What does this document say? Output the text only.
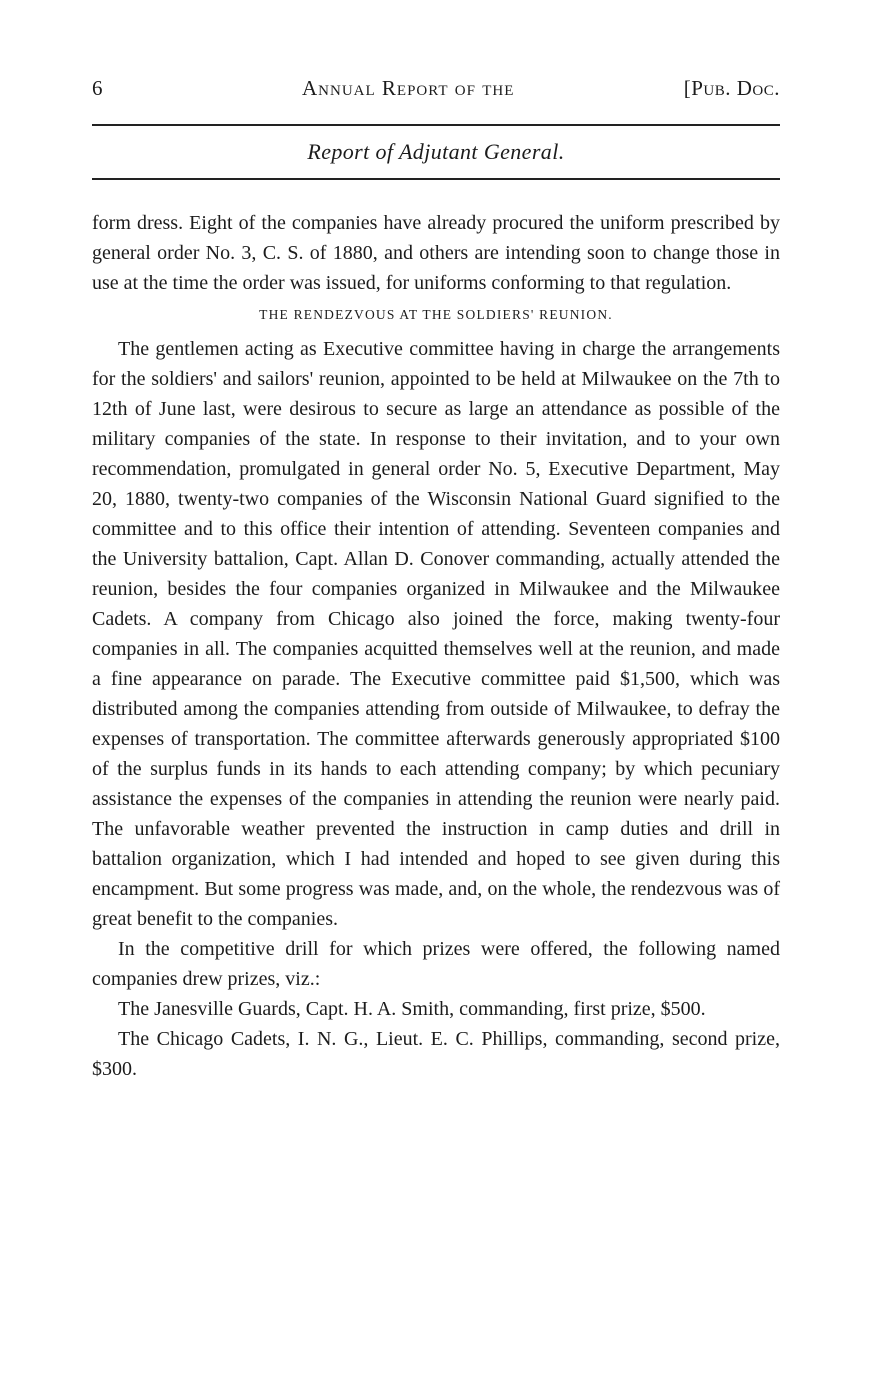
6	Annual Report of the	[Pub. Doc.
Report of Adjutant General.

form dress. Eight of the companies have already procured the uniform prescribed by general order No. 3, C. S. of 1880, and others are intending soon to change those in use at the time the order was issued, for uniforms conforming to that regulation.

THE RENDEZVOUS AT THE SOLDIERS' REUNION.

The gentlemen acting as Executive committee having in charge the arrangements for the soldiers' and sailors' reunion, appointed to be held at Milwaukee on the 7th to 12th of June last, were desirous to secure as large an attendance as possible of the military companies of the state. In response to their invitation, and to your own recommendation, promulgated in general order No. 5, Executive Department, May 20, 1880, twenty-two companies of the Wisconsin National Guard signified to the committee and to this office their intention of attending. Seventeen companies and the University battalion, Capt. Allan D. Conover commanding, actually attended the reunion, besides the four companies organized in Milwaukee and the Milwaukee Cadets. A company from Chicago also joined the force, making twenty-four companies in all. The companies acquitted themselves well at the reunion, and made a fine appearance on parade. The Executive committee paid $1,500, which was distributed among the companies attending from outside of Milwaukee, to defray the expenses of transportation. The committee afterwards generously appropriated $100 of the surplus funds in its hands to each attending company; by which pecuniary assistance the expenses of the companies in attending the reunion were nearly paid. The unfavorable weather prevented the instruction in camp duties and drill in battalion organization, which I had intended and hoped to see given during this encampment. But some progress was made, and, on the whole, the rendezvous was of great benefit to the companies.

In the competitive drill for which prizes were offered, the following named companies drew prizes, viz.:

The Janesville Guards, Capt. H. A. Smith, commanding, first prize, $500.

The Chicago Cadets, I. N. G., Lieut. E. C. Phillips, commanding, second prize, $300.
